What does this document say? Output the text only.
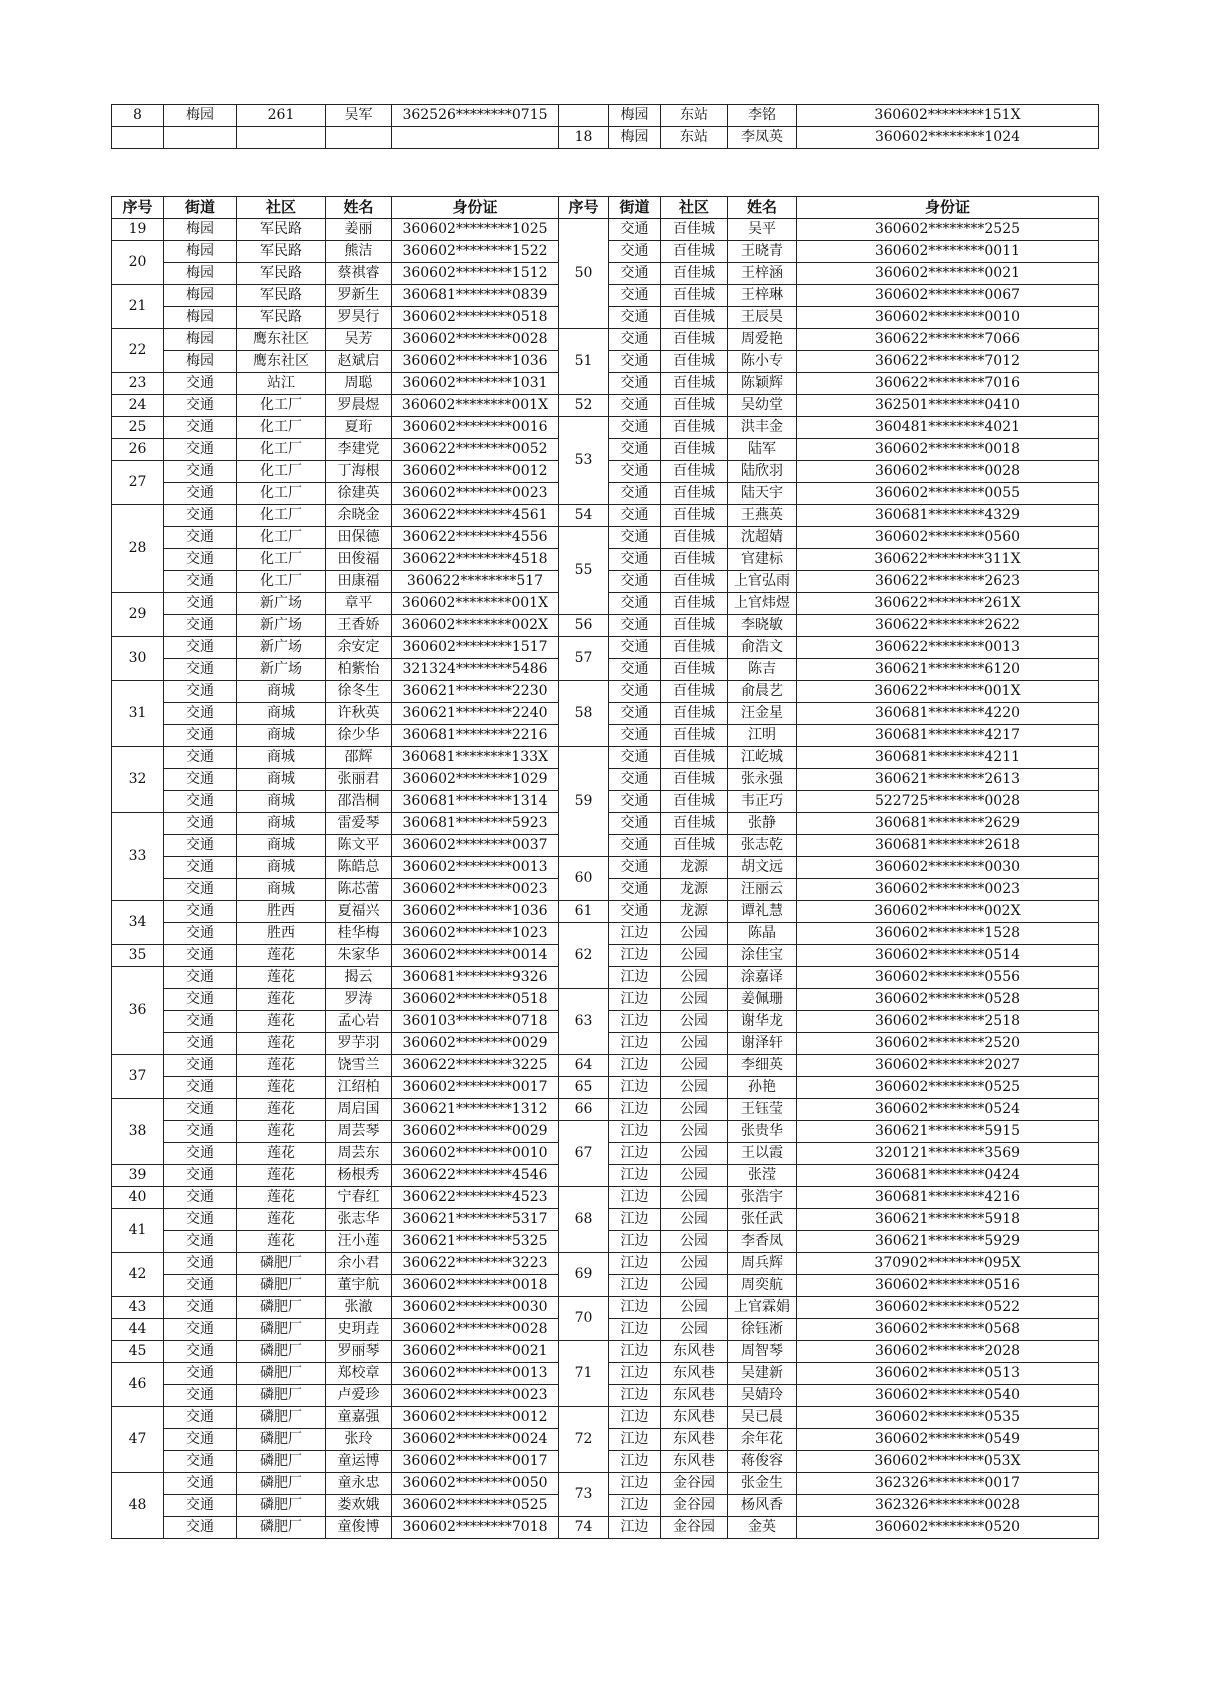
8	梅园	261	吴军	362526********0715		梅园	东站	李铭	360602********151X
					18	梅园	东站	李凤英	360602********1024
序号	街道	社区	姓名	身份证	序号	街道	社区	姓名	身份证
19	梅园	军民路	姜丽	360602********1025	50	交通	百佳城	吴平	360602********2525
20	梅园	军民路	熊洁	360602********1522		交通	百佳城	王晓青	360602********0011
	梅园	军民路	蔡祺睿	360602********1512		交通	百佳城	王梓涵	360602********0021
21	梅园	军民路	罗新生	360681********0839		交通	百佳城	王梓琳	360602********0067
	梅园	军民路	罗昊行	360602********0518		交通	百佳城	王辰昊	360602********0010
22	梅园	鹰东社区	吴芳	360602********0028	51	交通	百佳城	周爱艳	360622********7066
	梅园	鹰东社区	赵斌启	360602********1036		交通	百佳城	陈小专	360622********7012
23	交通	站江	周聪	360602********1031		交通	百佳城	陈颖辉	360622********7016
24	交通	化工厂	罗晨煜	360602********001X	52	交通	百佳城	吴幼堂	362501********0410
25	交通	化工厂	夏珩	360602********0016	53	交通	百佳城	洪丰金	360481********4021
26	交通	化工厂	李建党	360622********0052		交通	百佳城	陆军	360602********0018
27	交通	化工厂	丁海根	360602********0012		交通	百佳城	陆欣羽	360602********0028
	交通	化工厂	徐建英	360602********0023		交通	百佳城	陆天宇	360602********0055
28	交通	化工厂	余晓金	360622********4561	54	交通	百佳城	王燕英	360681********4329
	交通	化工厂	田保德	360622********4556	55	交通	百佳城	沈超婧	360602********0560
	交通	化工厂	田俊福	360622********4518		交通	百佳城	官建标	360622********311X
	交通	化工厂	田康福	360622********517		交通	百佳城	上官弘雨	360622********2623
29	交通	新广场	章平	360602********001X		交通	百佳城	上官炜煜	360622********261X
	交通	新广场	王香娇	360602********002X	56	交通	百佳城	李晓敏	360622********2622
30	交通	新广场	余安定	360602********1517	57	交通	百佳城	俞浩文	360622********0013
	交通	新广场	柏紫怡	321324********5486		交通	百佳城	陈吉	360621********6120
31	交通	商城	徐冬生	360621********2230	58	交通	百佳城	俞晨艺	360622********001X
	交通	商城	许秋英	360621********2240		交通	百佳城	汪金星	360681********4220
	交通	商城	徐少华	360681********2216		交通	百佳城	江明	360681********4217
32	交通	商城	邵辉	360681********133X	59	交通	百佳城	江屹城	360681********4211
	交通	商城	张丽君	360602********1029		交通	百佳城	张永强	360621********2613
	交通	商城	邵浩桐	360681********1314		交通	百佳城	韦正巧	522725********0028
33	交通	商城	雷爱琴	360681********5923		交通	百佳城	张静	360681********2629
	交通	商城	陈文平	360602********0037		交通	百佳城	张志乾	360681********2618
	交通	商城	陈皓总	360602********0013	60	交通	龙源	胡文远	360602********0030
	交通	商城	陈芯蕾	360602********0023		交通	龙源	汪丽云	360602********0023
34	交通	胜西	夏福兴	360602********1036	61	交通	龙源	谭礼慧	360602********002X
	交通	胜西	桂华梅	360602********1023	62	江边	公园	陈晶	360602********1528
35	交通	莲花	朱家华	360602********0014		江边	公园	涂佳宝	360602********0514
36	交通	莲花	揭云	360681********9326		江边	公园	涂嘉译	360602********0556
	交通	莲花	罗涛	360602********0518	63	江边	公园	姜佩珊	360602********0528
	交通	莲花	孟心岩	360103********0718		江边	公园	谢华龙	360602********2518
	交通	莲花	罗芋羽	360602********0029		江边	公园	谢泽轩	360602********2520
37	交通	莲花	饶雪兰	360622********3225	64	江边	公园	李细英	360602********2027
	交通	莲花	江绍柏	360602********0017	65	江边	公园	孙艳	360602********0525
38	交通	莲花	周启国	360621********1312	66	江边	公园	王钰莹	360602********0524
	交通	莲花	周芸琴	360602********0029	67	江边	公园	张贵华	360621********5915
	交通	莲花	周芸东	360602********0010		江边	公园	王以霞	320121********3569
39	交通	莲花	杨根秀	360622********4546		江边	公园	张滢	360681********0424
40	交通	莲花	宁春红	360622********4523	68	江边	公园	张浩宇	360681********4216
41	交通	莲花	张志华	360621********5317		江边	公园	张任武	360621********5918
	交通	莲花	汪小莲	360621********5325		江边	公园	李香凤	360621********5929
42	交通	磷肥厂	余小君	360622********3223	69	江边	公园	周兵辉	370902********095X
	交通	磷肥厂	董宇航	360602********0018		江边	公园	周奕航	360602********0516
43	交通	磷肥厂	张澈	360602********0030	70	江边	公园	上官霖娟	360602********0522
44	交通	磷肥厂	史玥垚	360602********0028		江边	公园	徐钰淅	360602********0568
45	交通	磷肥厂	罗丽琴	360602********0021	71	江边	东风巷	周智琴	360602********2028
46	交通	磷肥厂	郑校章	360602********0013		江边	东风巷	吴建新	360602********0513
	交通	磷肥厂	卢爱珍	360602********0023		江边	东风巷	吴婧玲	360602********0540
47	交通	磷肥厂	童嘉强	360602********0012	72	江边	东风巷	吴已晨	360602********0535
	交通	磷肥厂	张玲	360602********0024		江边	东风巷	余年花	360602********0549
	交通	磷肥厂	童运博	360602********0017		江边	东风巷	蒋俊容	360602********053X
48	交通	磷肥厂	童永忠	360602********0050	73	江边	金谷园	张金生	362326********0017
	交通	磷肥厂	娄欢娥	360602********0525		江边	金谷园	杨风香	362326********0028
	交通	磷肥厂	童俊博	360602********7018	74	江边	金谷园	金英	360602********0520
